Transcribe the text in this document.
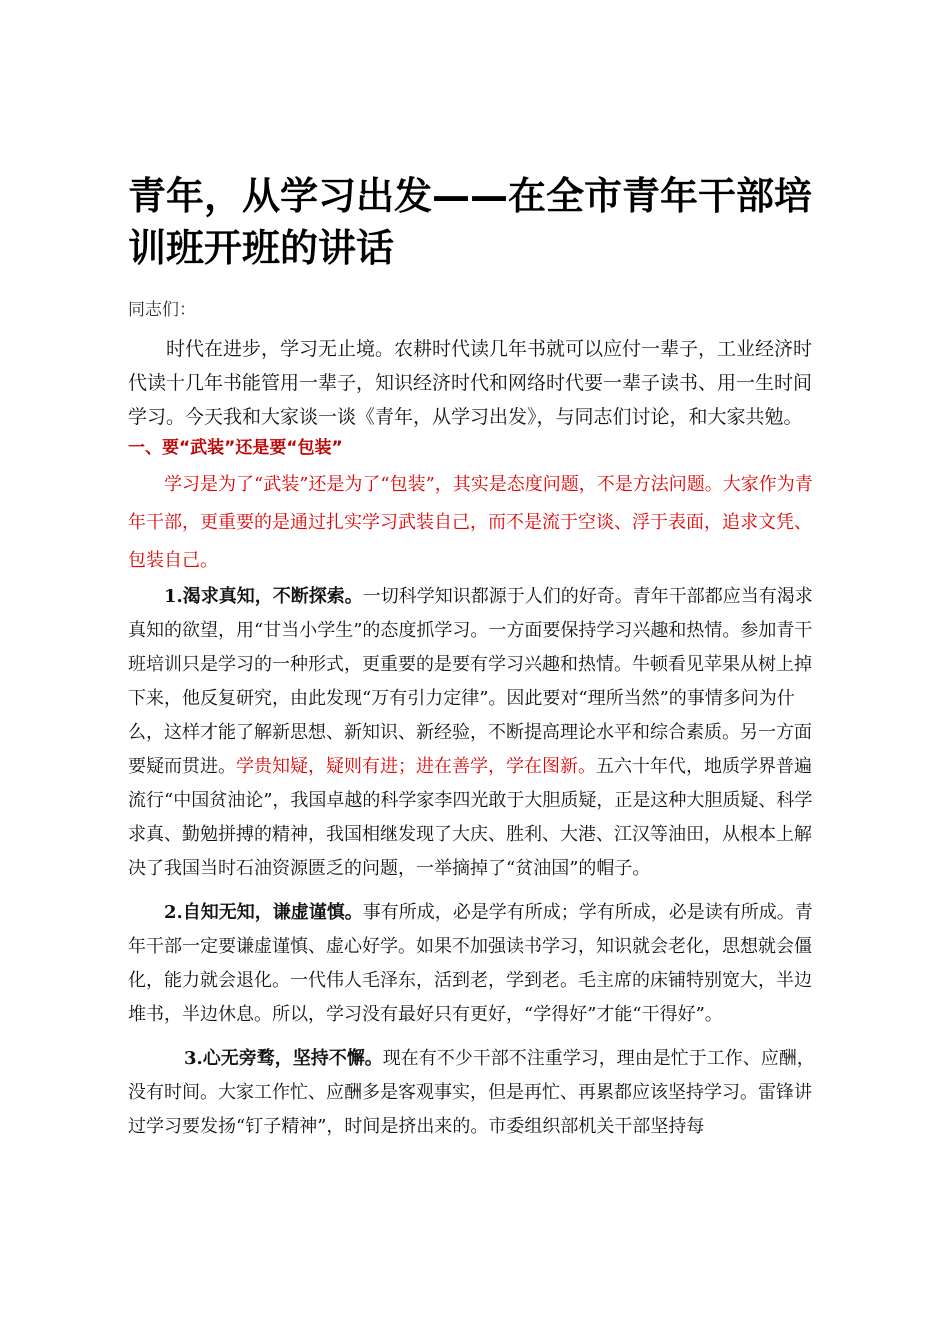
青年，从学习出发——在全市青年干部培训班开班的讲话

同志们：

时代在进步，学习无止境。农耕时代读几年书就可以应付一辈子，工业经济时代读十几年书能管用一辈子，知识经济时代和网络时代要一辈子读书、用一生时间学习。今天我和大家谈一谈《青年，从学习出发》，与同志们讨论，和大家共勉。

一、要“武装”还是要“包装”

学习是为了“武装”还是为了“包装”，其实是态度问题，不是方法问题。大家作为青年干部，更重要的是通过扎实学习武装自己，而不是流于空谈、浮于表面，追求文凭、包装自己。

1.渴求真知，不断探索。一切科学知识都源于人们的好奇。青年干部都应当有渴求真知的欲望，用“甘当小学生”的态度抓学习。一方面要保持学习兴趣和热情。参加青干班培训只是学习的一种形式，更重要的是要有学习兴趣和热情。牛顿看见苹果从树上掉下来，他反复研究，由此发现“万有引力定律”。因此要对“理所当然”的事情多问为什么，这样才能了解新思想、新知识、新经验，不断提高理论水平和综合素质。另一方面要疑而贯进。学贵知疑，疑则有进；进在善学，学在图新。五六十年代，地质学界普遍流行“中国贫油论”，我国卓越的科学家李四光敢于大胆质疑，正是这种大胆质疑、科学求真、勤勉拼搏的精神，我国相继发现了大庆、胜利、大港、江汉等油田，从根本上解决了我国当时石油资源匮乏的问题，一举摘掉了“贫油国”的帽子。

2.自知无知，谦虚谨慎。事有所成，必是学有所成；学有所成，必是读有所成。青年干部一定要谦虚谨慎、虚心好学。如果不加强读书学习，知识就会老化，思想就会僵化，能力就会退化。一代伟人毛泽东，活到老，学到老。毛主席的床铺特别宽大，半边堆书，半边休息。所以，学习没有最好只有更好，“学得好”才能“干得好”。

3.心无旁骛，坚持不懈。现在有不少干部不注重学习，理由是忙于工作、应酬，没有时间。大家工作忙、应酬多是客观事实，但是再忙、再累都应该坚持学习。雷锋讲过学习要发扬“钉子精神”，时间是挤出来的。市委组织部机关干部坚持每
